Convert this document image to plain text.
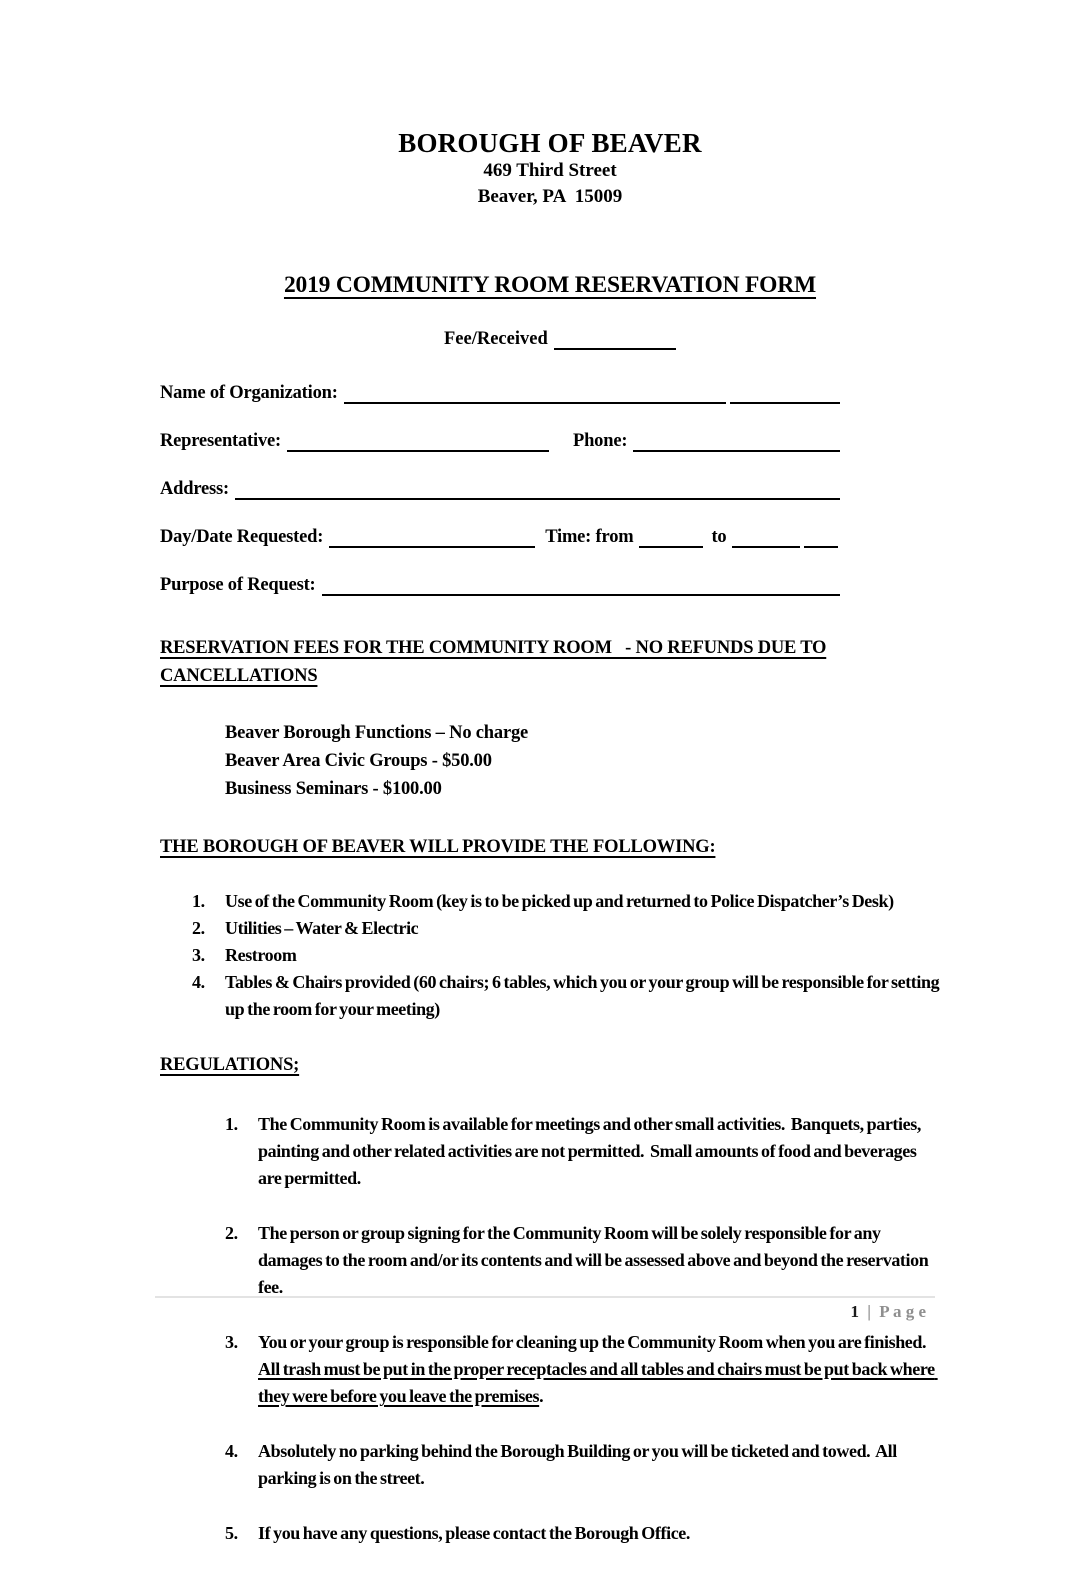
BOROUGH OF BEAVER
469 Third Street
Beaver, PA  15009
2019 COMMUNITY ROOM RESERVATION FORM
Fee/Received
Name of Organization:
Representative:	Phone:
Address:
Day/Date Requested:	Time: from	to
Purpose of Request:
RESERVATION FEES FOR THE COMMUNITY ROOM   - NO REFUNDS DUE TO
CANCELLATIONS
Beaver Borough Functions – No charge
Beaver Area Civic Groups - $50.00
Business Seminars - $100.00
THE BOROUGH OF BEAVER WILL PROVIDE THE FOLLOWING:
1.	Use of the Community Room (key is to be picked up and returned to Police Dispatcher’s Desk)
2.	Utilities – Water & Electric
3.	Restroom
4.	Tables & Chairs provided (60 chairs; 6 tables, which you or your group will be responsible for setting up the room for your meeting)
REGULATIONS;
1.	The Community Room is available for meetings and other small activities.  Banquets, parties, painting and other related activities are not permitted.  Small amounts of food and beverages are permitted.
2.	The person or group signing for the Community Room will be solely responsible for any damages to the room and/or its contents and will be assessed above and beyond the reservation fee.
3.	You or your group is responsible for cleaning up the Community Room when you are finished.  All trash must be put in the proper receptacles and all tables and chairs must be put back where they were before you leave the premises.
4.	Absolutely no parking behind the Borough Building or you will be ticketed and towed.  All parking is on the street.
5.	If you have any questions, please contact the Borough Office.
1 | P a g e
